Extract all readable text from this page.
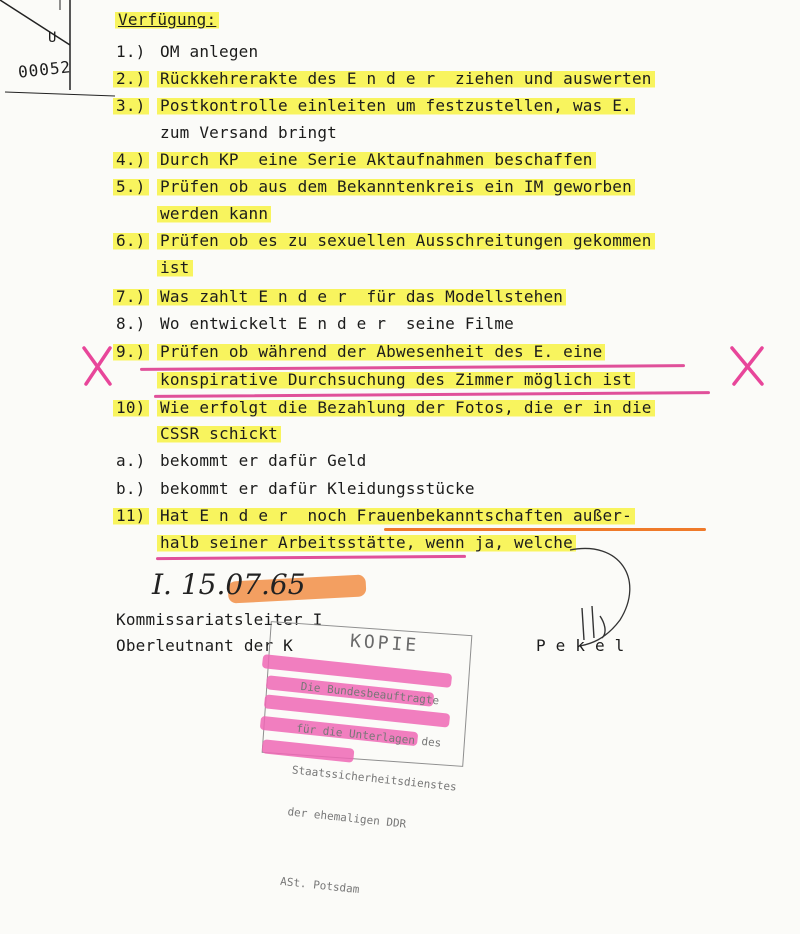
U
00052
Verfügung:
1.) OM anlegen
2.) Rückkehrerakte des E n d e r  ziehen und auswerten
3.) Postkontrolle einleiten um festzustellen, was E.
zum Versand bringt
4.) Durch KP  eine Serie Aktaufnahmen beschaffen
5.) Prüfen ob aus dem Bekanntenkreis ein IM geworben
werden kann
6.) Prüfen ob es zu sexuellen Ausschreitungen gekommen
ist
7.) Was zahlt E n d e r  für das Modellstehen
8.) Wo entwickelt E n d e r  seine Filme
9.) Prüfen ob während der Abwesenheit des E. eine
konspirative Durchsuchung des Zimmer möglich ist
10) Wie erfolgt die Bezahlung der Fotos, die er in die
CSSR schickt
a.) bekommt er dafür Geld
b.) bekommt er dafür Kleidungsstücke
11) Hat E n d e r  noch Frauenbekanntschaften außer-
halb seiner Arbeitsstätte, wenn ja, welche
I. 15.07.65
Kommissariatsleiter I
Oberleutnant der K	P e k e l
KOPIE

Die Bundesbeauftragte

für die Unterlagen des

Staatssicherheitsdienstes

der ehemaligen DDR

ASt. Potsdam
